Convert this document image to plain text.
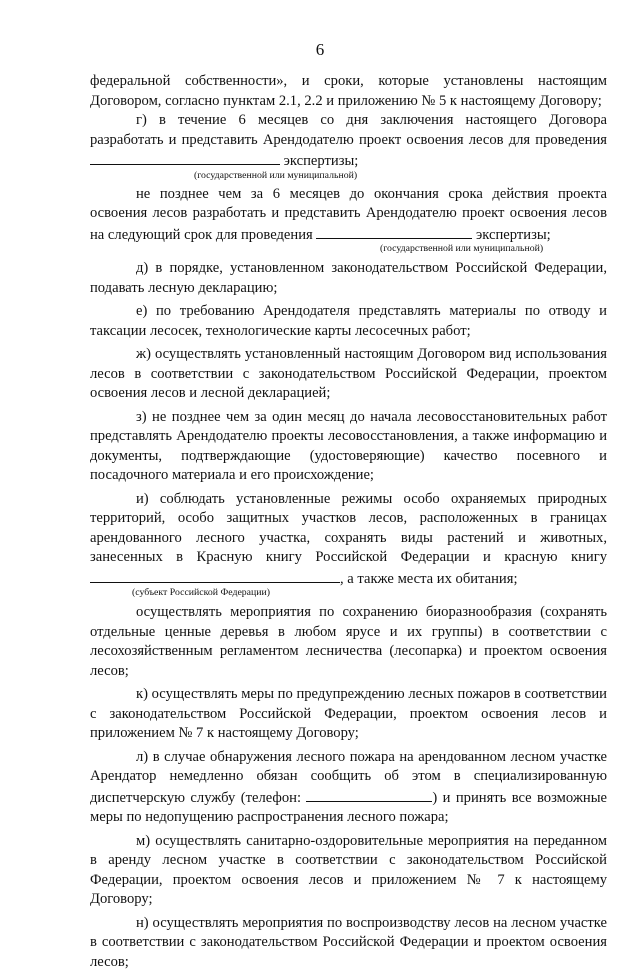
6

федеральной собственности», и сроки, которые установлены настоящим Договором, согласно пунктам 2.1, 2.2 и приложению № 5 к настоящему Договору;

г) в течение 6 месяцев со дня заключения настоящего Договора разработать и представить Арендодателю проект освоения лесов для проведения экспертизы;

(государственной или муниципальной)

не позднее чем за 6 месяцев до окончания срока действия проекта освоения лесов разработать и представить Арендодателю проект освоения лесов на следующий срок для проведения	экспертизы;

(государственной или муниципальной)

д) в порядке, установленном законодательством Российской Федерации, подавать лесную декларацию;

е) по требованию Арендодателя представлять материалы по отводу и таксации лесосек, технологические карты лесосечных работ;

ж) осуществлять установленный настоящим Договором вид использования лесов в соответствии с законодательством Российской Федерации, проектом освоения лесов и лесной декларацией;

з) не позднее чем за один месяц до начала лесовосстановительных работ представлять Арендодателю проекты лесовосстановления, а также информацию и документы, подтверждающие (удостоверяющие) качество посевного и посадочного материала и его происхождение;

и) соблюдать установленные режимы особо охраняемых природных территорий, особо защитных участков лесов, расположенных в границах арендованного лесного участка, сохранять виды растений и животных, занесенных в Красную книгу Российской Федерации и красную книгу , а также места их обитания;

(субъект Российской Федерации)

осуществлять мероприятия по сохранению биоразнообразия (сохранять отдельные ценные деревья в любом ярусе и их группы) в соответствии с лесохозяйственным регламентом лесничества (лесопарка) и проектом освоения лесов;

к) осуществлять меры по предупреждению лесных пожаров в соответствии с законодательством Российской Федерации, проектом освоения лесов и приложением № 7 к настоящему Договору;

л) в случае обнаружения лесного пожара на арендованном лесном участке Арендатор немедленно обязан сообщить об этом в специализированную диспетчерскую службу (телефон:	) и принять все возможные меры по недопущению распространения лесного пожара;

м) осуществлять санитарно-оздоровительные мероприятия на переданном в аренду лесном участке в соответствии с законодательством Российской Федерации, проектом освоения лесов и приложением № 7 к настоящему Договору;

н) осуществлять мероприятия по воспроизводству лесов на лесном участке в соответствии с законодательством Российской Федерации и проектом освоения лесов;
